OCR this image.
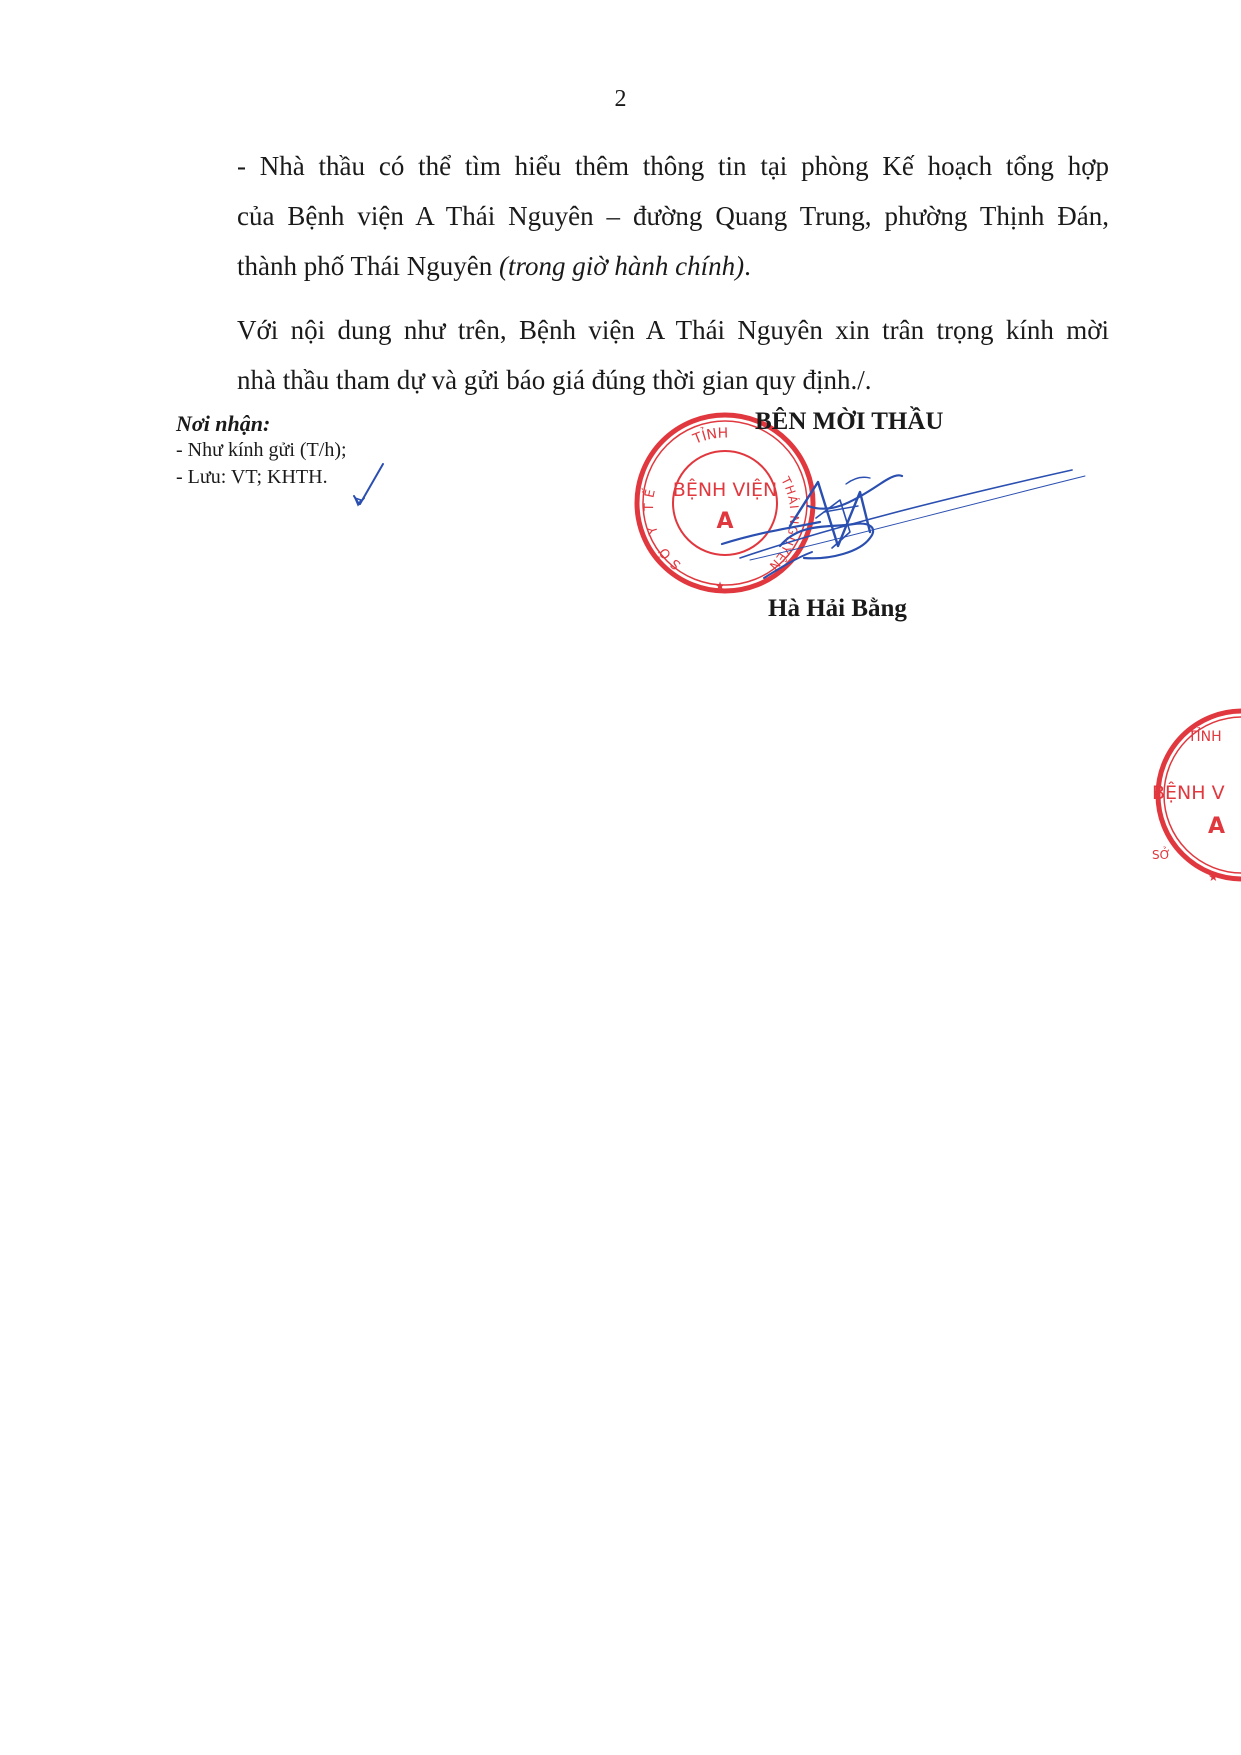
2

- Nhà thầu có thể tìm hiểu thêm thông tin tại phòng Kế hoạch tổng hợp
của Bệnh viện A Thái Nguyên – đường Quang Trung, phường Thịnh Đán,
thành phố Thái Nguyên (trong giờ hành chính).

Với nội dung như trên, Bệnh viện A Thái Nguyên xin trân trọng kính mời
nhà thầu tham dự và gửi báo giá đúng thời gian quy định./.

Nơi nhận:
- Như kính gửi (T/h);
- Lưu: VT; KHTH.
TỈNH
SỞ Y TẾ
THÁI NGUYÊN
BỆNH VIỆN
A
★
BÊN MỜI THẦU
Hà Hải Bằng
TỈNH
BỆNH V
A
SỞ
★
